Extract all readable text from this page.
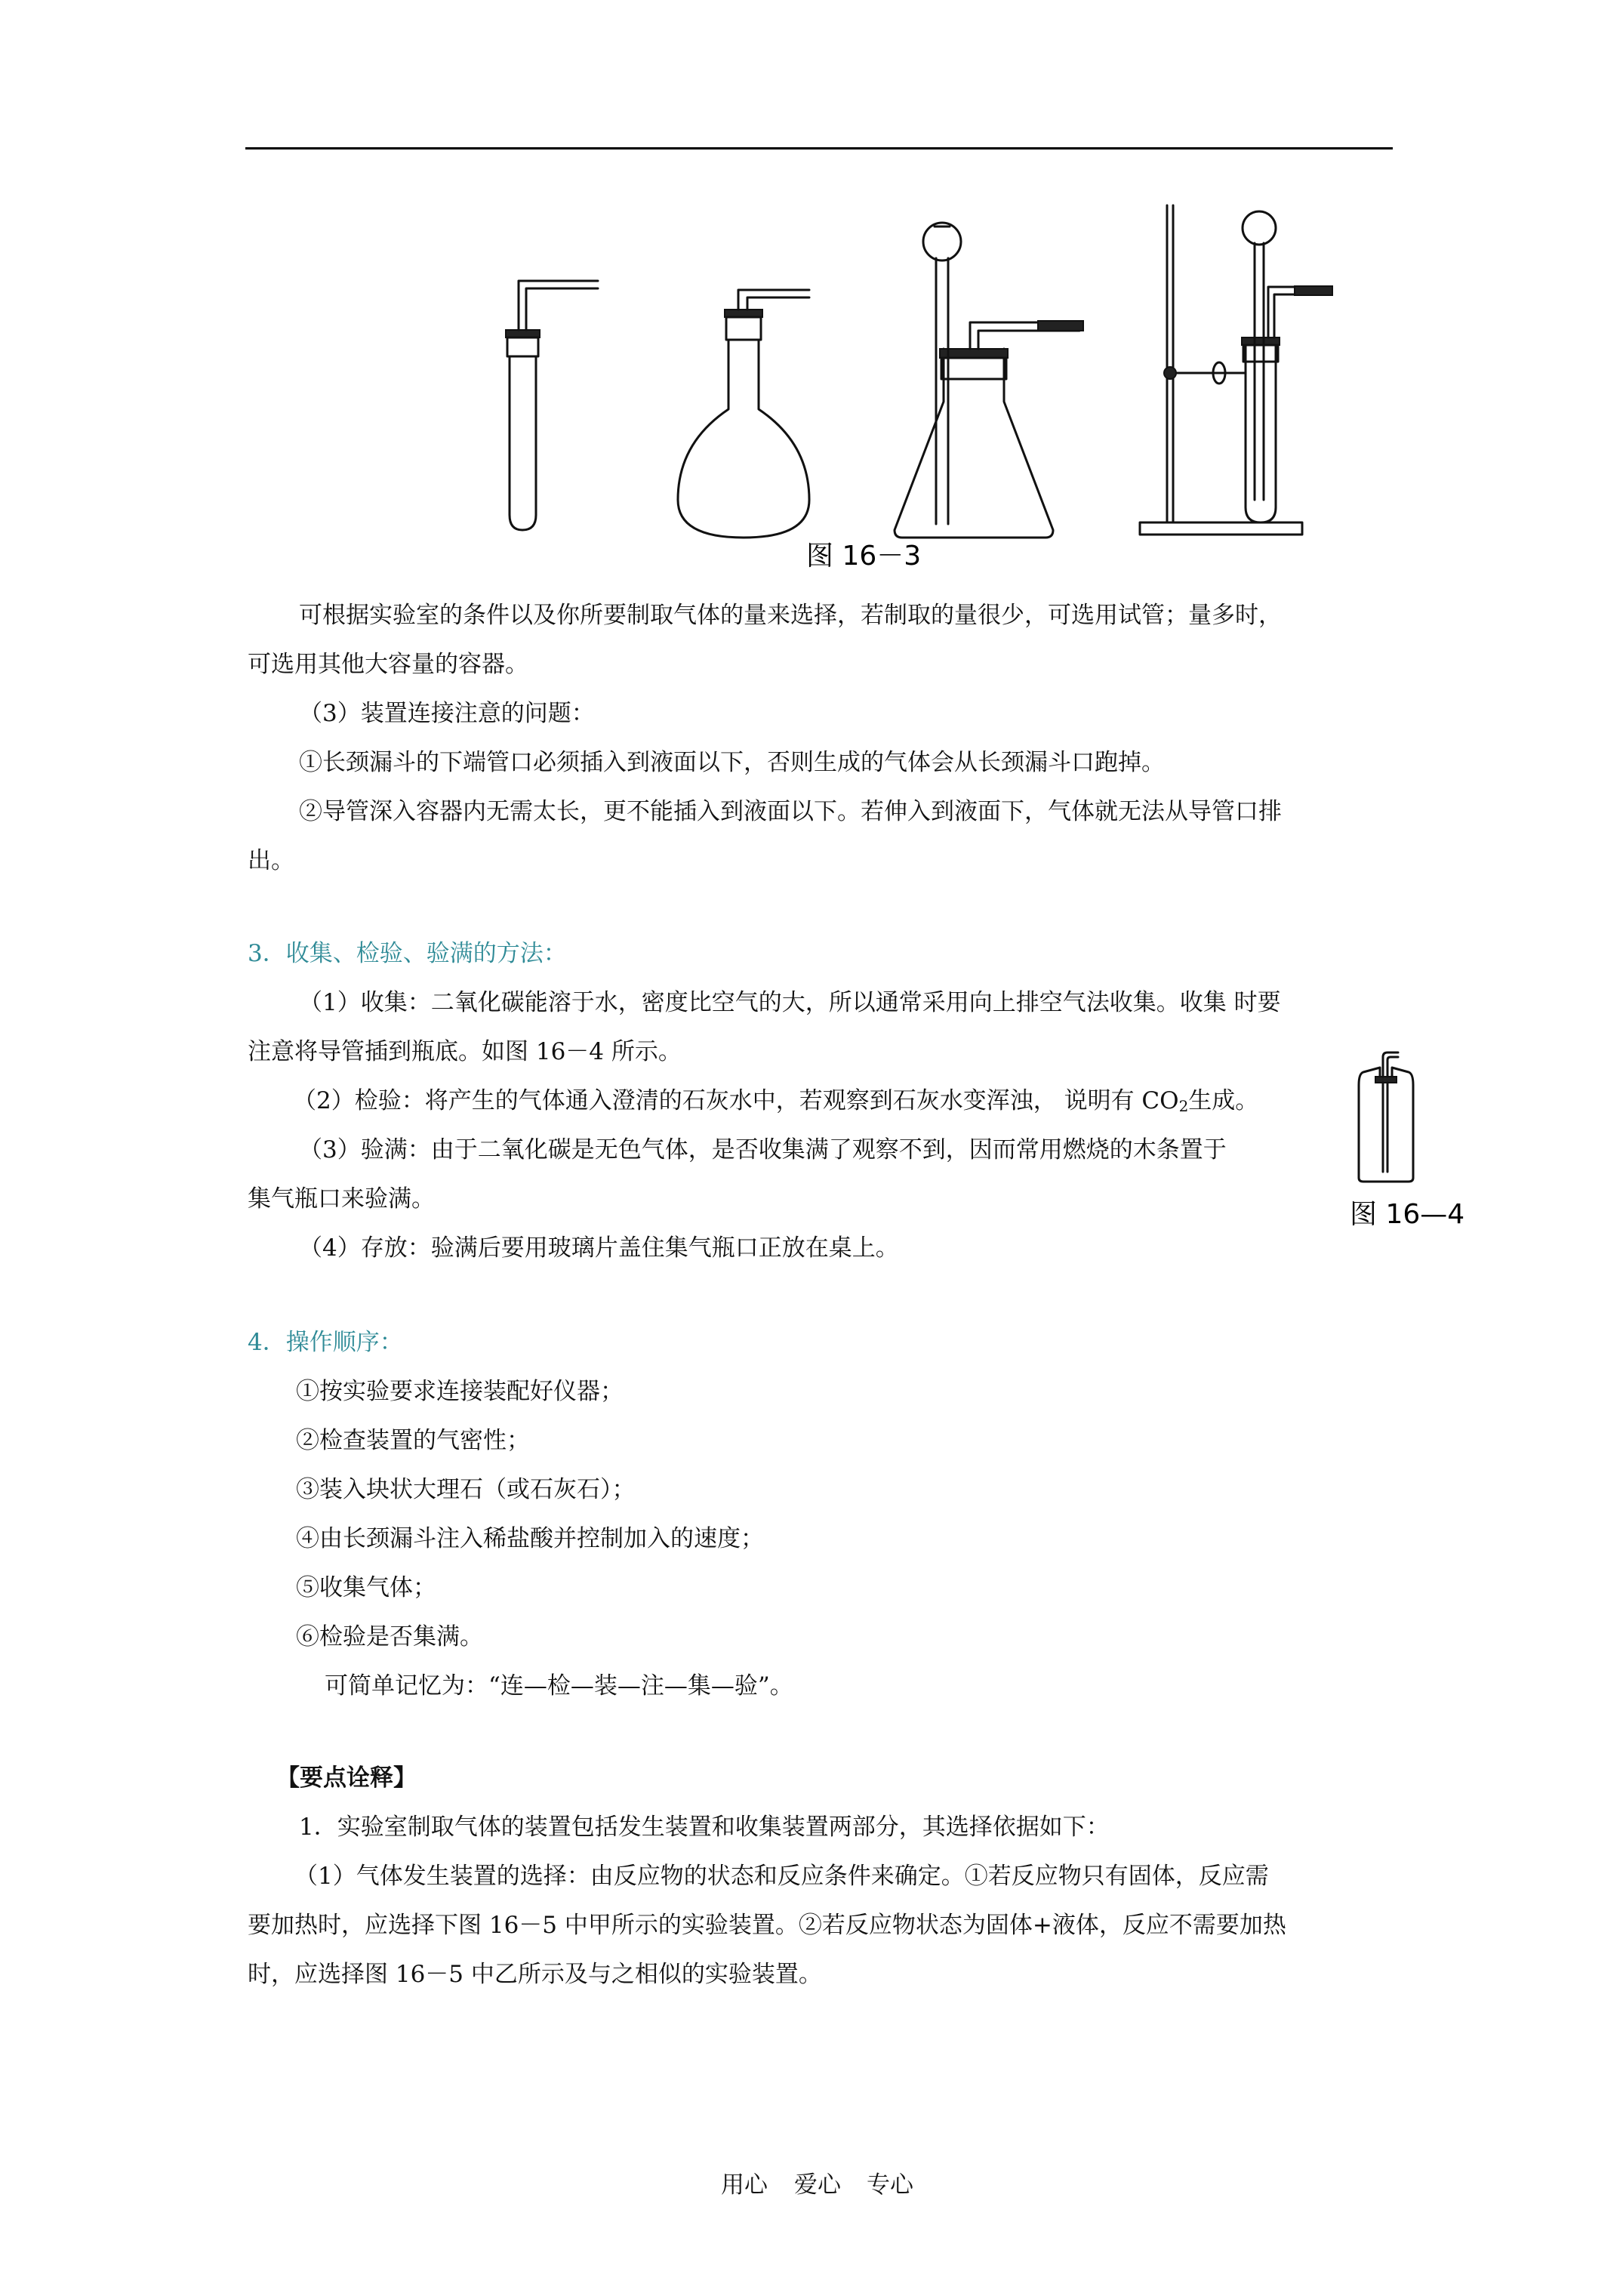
图 16－3
可根据实验室的条件以及你所要制取气体的量来选择，若制取的量很少，可选用试管；量多时，
可选用其他大容量的容器。
（3）装置连接注意的问题：
①长颈漏斗的下端管口必须插入到液面以下，否则生成的气体会从长颈漏斗口跑掉。
②导管深入容器内无需太长，更不能插入到液面以下。若伸入到液面下，气体就无法从导管口排
出。
3．收集、检验、验满的方法：
（1）收集：二氧化碳能溶于水，密度比空气的大，所以通常采用向上排空气法收集。收集 时要
注意将导管插到瓶底。如图 16－4 所示。
（2）检验：将产生的气体通入澄清的石灰水中，若观察到石灰水变浑浊， 说明有 $CO_2$生成。
（3）验满：由于二氧化碳是无色气体，是否收集满了观察不到，因而常用燃烧的木条置于
集气瓶口来验满。
（4）存放：验满后要用玻璃片盖住集气瓶口正放在桌上。
图 16—4
4．操作顺序：
①按实验要求连接装配好仪器；
②检查装置的气密性；
③装入块状大理石（或石灰石）；
④由长颈漏斗注入稀盐酸并控制加入的速度；
⑤收集气体；
⑥检验是否集满。
可简单记忆为：“连—检—装—注—集—验”。
【要点诠释】
1．实验室制取气体的装置包括发生装置和收集装置两部分，其选择依据如下：
（1）气体发生装置的选择：由反应物的状态和反应条件来确定。①若反应物只有固体，反应需
要加热时，应选择下图 16－5 中甲所示的实验装置。②若反应物状态为固体+液体，反应不需要加热
时，应选择图 16－5 中乙所示及与之相似的实验装置。
用心 爱心 专心
